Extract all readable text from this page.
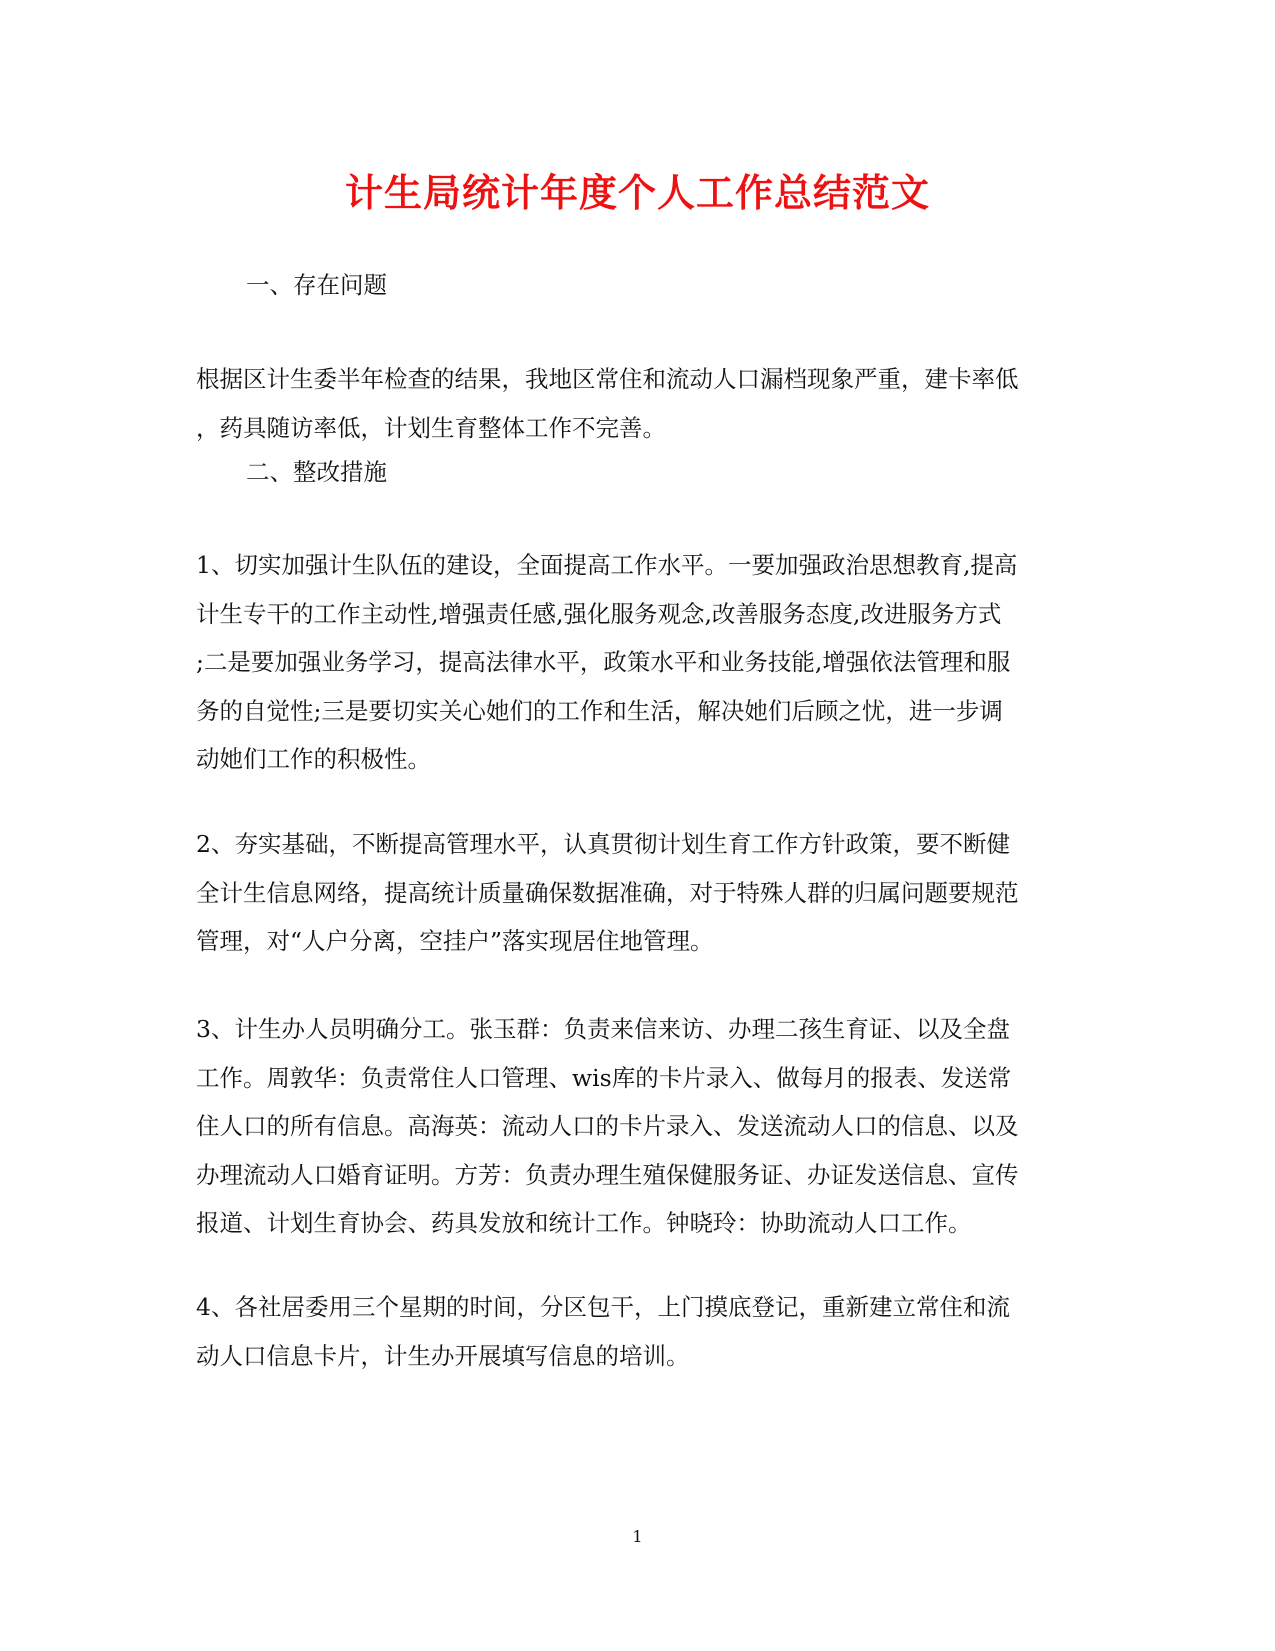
计生局统计年度个人工作总结范文
一、存在问题
根据区计生委半年检查的结果，我地区常住和流动人口漏档现象严重，建卡率低
，药具随访率低，计划生育整体工作不完善。
二、整改措施
1、切实加强计生队伍的建设，全面提高工作水平。一要加强政治思想教育,提高
计生专干的工作主动性,增强责任感,强化服务观念,改善服务态度,改进服务方式
;二是要加强业务学习，提高法律水平，政策水平和业务技能,增强依法管理和服
务的自觉性;三是要切实关心她们的工作和生活，解决她们后顾之忧，进一步调
动她们工作的积极性。
2、夯实基础，不断提高管理水平，认真贯彻计划生育工作方针政策，要不断健
全计生信息网络，提高统计质量确保数据准确，对于特殊人群的归属问题要规范
管理，对“人户分离，空挂户”落实现居住地管理。
3、计生办人员明确分工。张玉群：负责来信来访、办理二孩生育证、以及全盘
工作。周敦华：负责常住人口管理、wis库的卡片录入、做每月的报表、发送常
住人口的所有信息。高海英：流动人口的卡片录入、发送流动人口的信息、以及
办理流动人口婚育证明。方芳：负责办理生殖保健服务证、办证发送信息、宣传
报道、计划生育协会、药具发放和统计工作。钟晓玲：协助流动人口工作。
4、各社居委用三个星期的时间，分区包干，上门摸底登记，重新建立常住和流
动人口信息卡片，计生办开展填写信息的培训。
1
